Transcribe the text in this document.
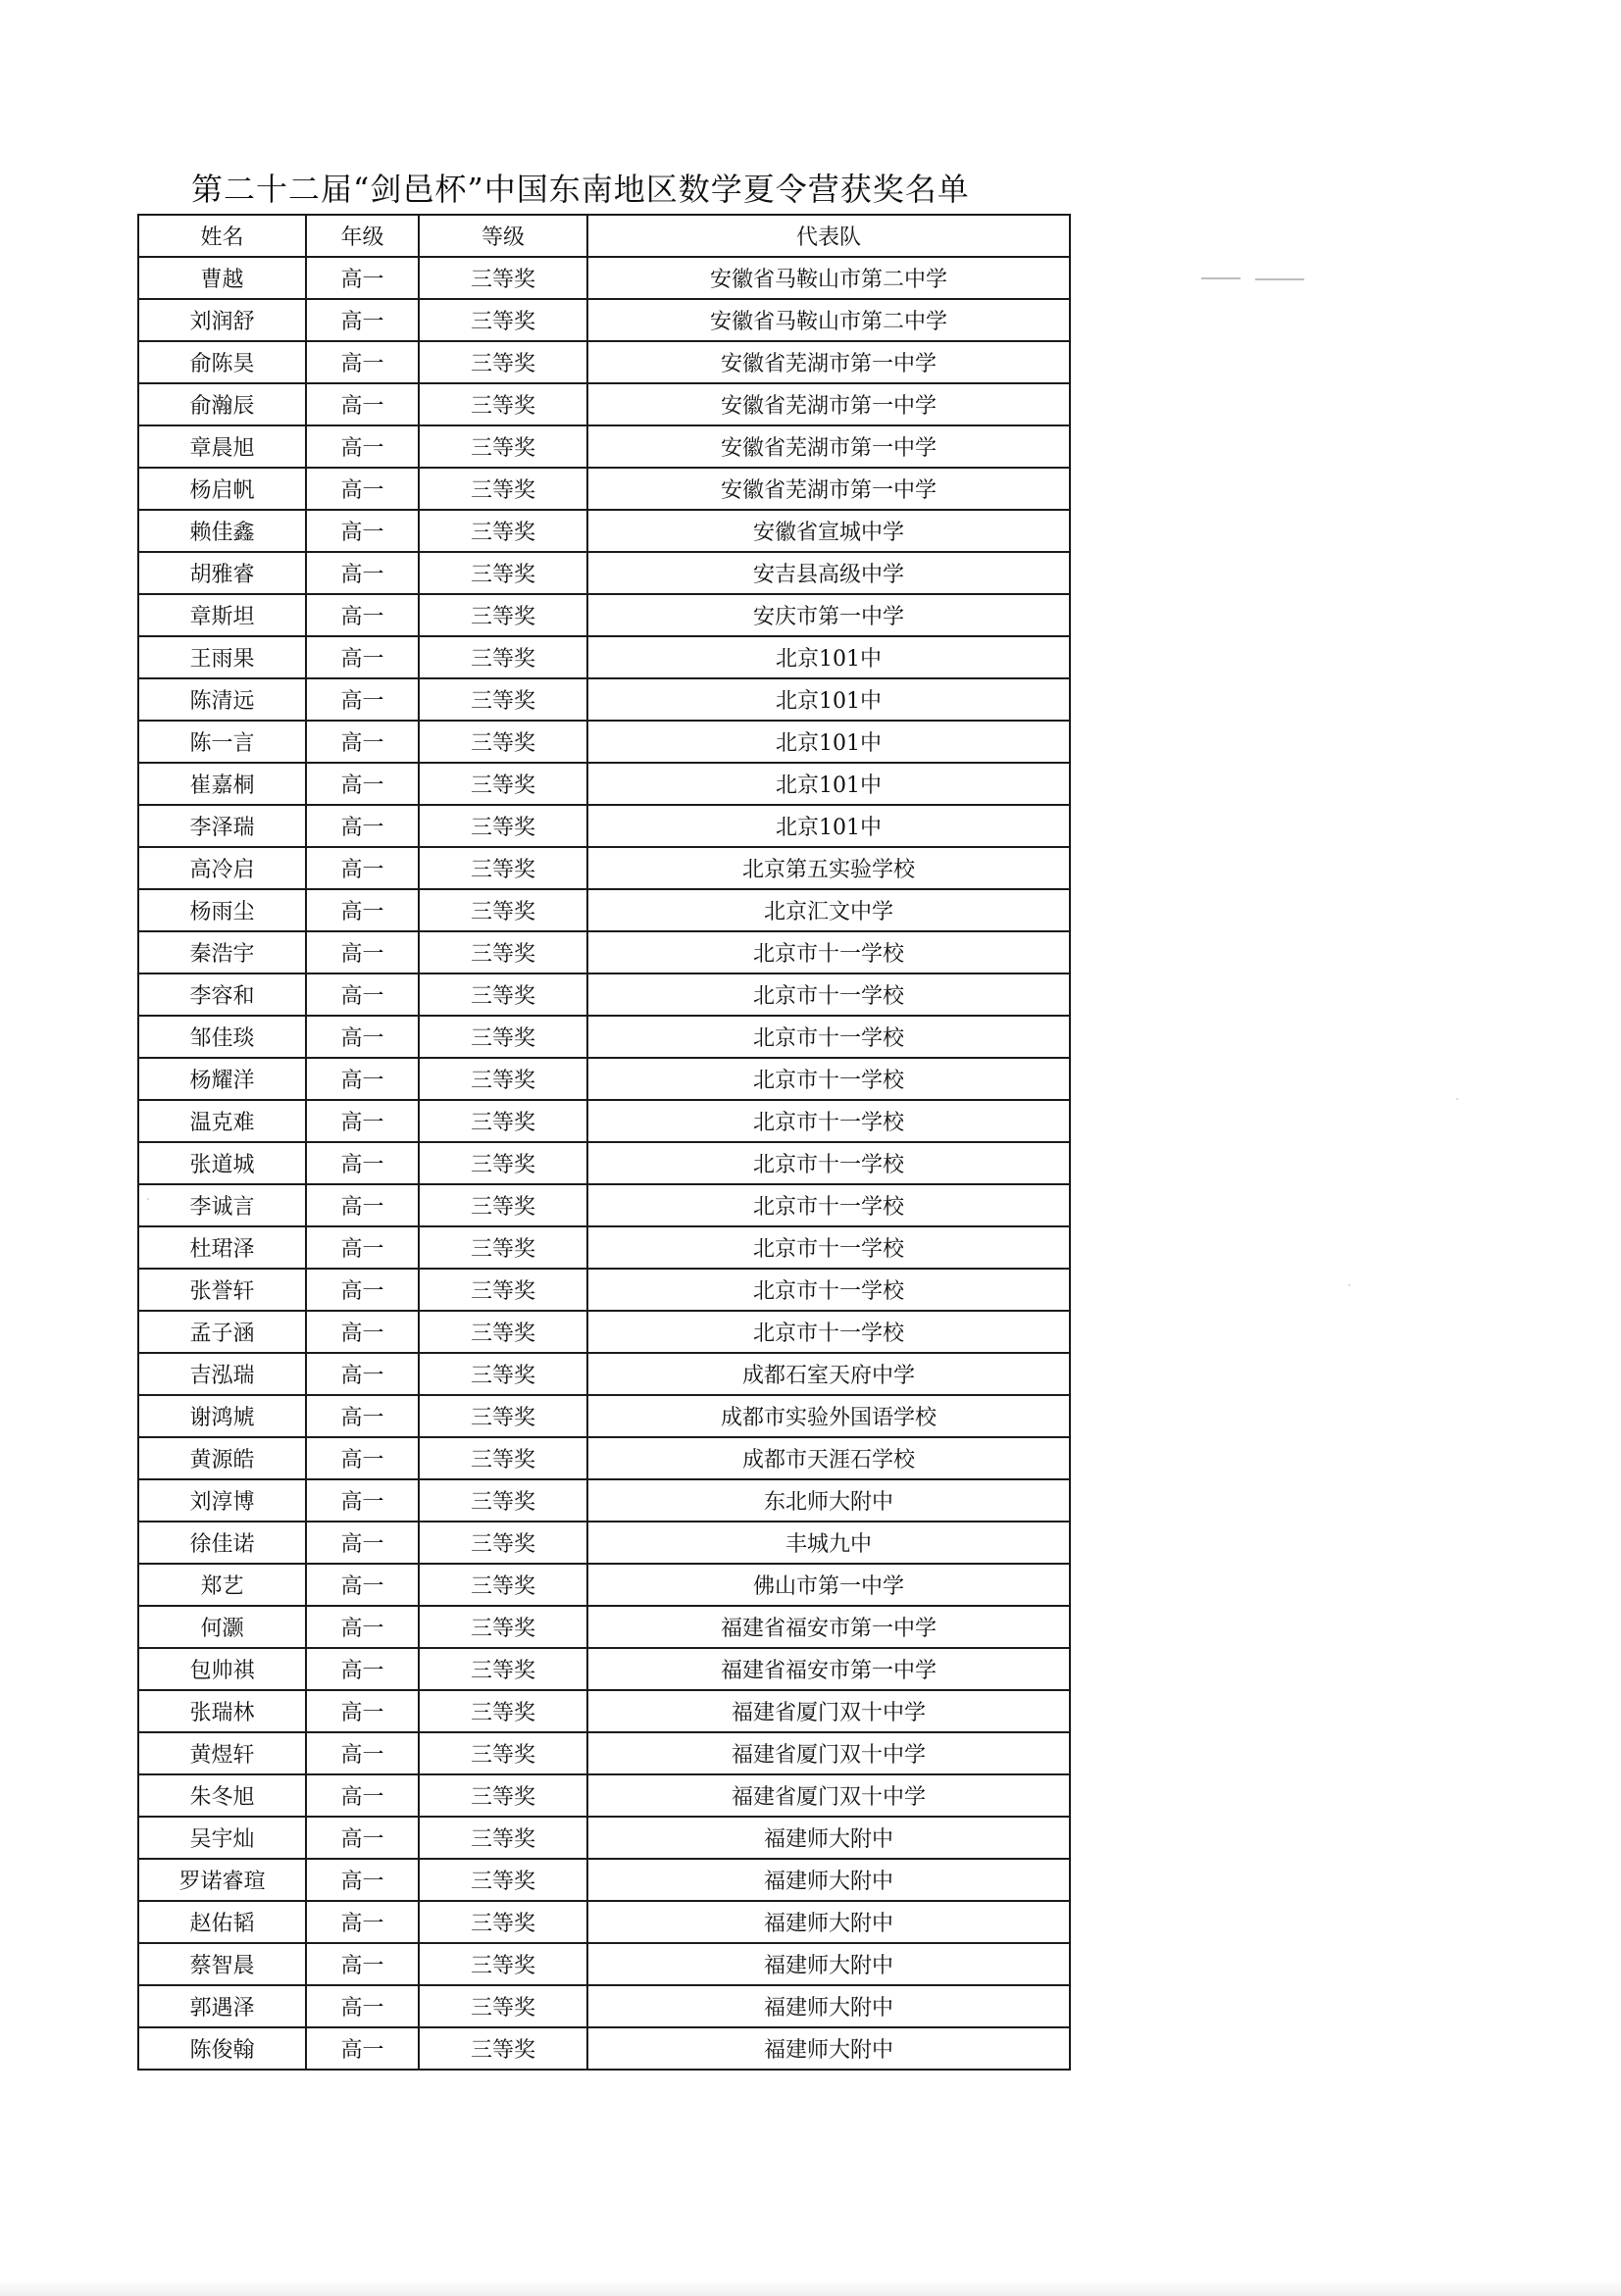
第二十二届“剑邑杯”中国东南地区数学夏令营获奖名单
姓名	年级	等级	代表队
曹越	高一	三等奖	安徽省马鞍山市第二中学
刘润舒	高一	三等奖	安徽省马鞍山市第二中学
俞陈昊	高一	三等奖	安徽省芜湖市第一中学
俞瀚辰	高一	三等奖	安徽省芜湖市第一中学
章晨旭	高一	三等奖	安徽省芜湖市第一中学
杨启帆	高一	三等奖	安徽省芜湖市第一中学
赖佳鑫	高一	三等奖	安徽省宣城中学
胡雅睿	高一	三等奖	安吉县高级中学
章斯坦	高一	三等奖	安庆市第一中学
王雨果	高一	三等奖	北京101中
陈清远	高一	三等奖	北京101中
陈一言	高一	三等奖	北京101中
崔嘉桐	高一	三等奖	北京101中
李泽瑞	高一	三等奖	北京101中
高冷启	高一	三等奖	北京第五实验学校
杨雨尘	高一	三等奖	北京汇文中学
秦浩宇	高一	三等奖	北京市十一学校
李容和	高一	三等奖	北京市十一学校
邹佳琰	高一	三等奖	北京市十一学校
杨耀洋	高一	三等奖	北京市十一学校
温克难	高一	三等奖	北京市十一学校
张道城	高一	三等奖	北京市十一学校
李诚言	高一	三等奖	北京市十一学校
杜珺泽	高一	三等奖	北京市十一学校
张誉轩	高一	三等奖	北京市十一学校
孟子涵	高一	三等奖	北京市十一学校
吉泓瑞	高一	三等奖	成都石室天府中学
谢鸿虓	高一	三等奖	成都市实验外国语学校
黄源皓	高一	三等奖	成都市天涯石学校
刘淳博	高一	三等奖	东北师大附中
徐佳诺	高一	三等奖	丰城九中
郑艺	高一	三等奖	佛山市第一中学
何灏	高一	三等奖	福建省福安市第一中学
包帅祺	高一	三等奖	福建省福安市第一中学
张瑞林	高一	三等奖	福建省厦门双十中学
黄煜轩	高一	三等奖	福建省厦门双十中学
朱冬旭	高一	三等奖	福建省厦门双十中学
吴宇灿	高一	三等奖	福建师大附中
罗诺睿瑄	高一	三等奖	福建师大附中
赵佑韬	高一	三等奖	福建师大附中
蔡智晨	高一	三等奖	福建师大附中
郭遇泽	高一	三等奖	福建师大附中
陈俊翰	高一	三等奖	福建师大附中
